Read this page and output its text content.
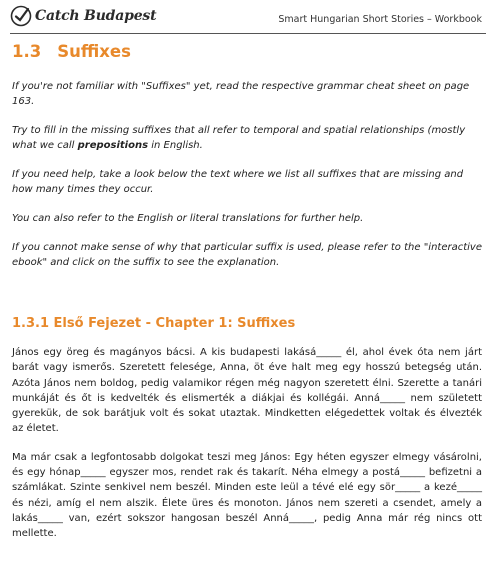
Catch Budapest	Smart Hungarian Short Stories – Workbook
1.3 Suffixes

If you're not familiar with "Suffixes" yet, read the respective grammar cheat sheet on page 163.

Try to fill in the missing suffixes that all refer to temporal and spatial relationships (mostly what we call prepositions in English.

If you need help, take a look below the text where we list all suffixes that are missing and how many times they occur.

You can also refer to the English or literal translations for further help.

If you cannot make sense of why that particular suffix is used, please refer to the "interactive ebook" and click on the suffix to see the explanation.

1.3.1 Első Fejezet - Chapter 1: Suffixes

János egy öreg és magányos bácsi. A kis budapesti lakásá_____ él, ahol évek óta nem járt barát vagy ismerős. Szeretett felesége, Anna, öt éve halt meg egy hosszú betegség után. Azóta János nem boldog, pedig valamikor régen még nagyon szeretett élni. Szerette a tanári munkáját és őt is kedvelték és elismerték a diákjai és kollégái. Anná_____ nem született gyerekük, de sok barátjuk volt és sokat utaztak. Mindketten elégedettek voltak és élvezték az életet.

Ma már csak a legfontosabb dolgokat teszi meg János: Egy héten egyszer elmegy vásárolni, és egy hónap_____ egyszer mos, rendet rak és takarít. Néha elmegy a postá_____ befizetni a számlákat. Szinte senkivel nem beszél. Minden este leül a tévé elé egy sör_____ a kezé_____ és nézi, amíg el nem alszik. Élete üres és monoton. János nem szereti a csendet, amely a lakás_____ van, ezért sokszor hangosan beszél Anná_____, pedig Anna már rég nincs ott mellette.
